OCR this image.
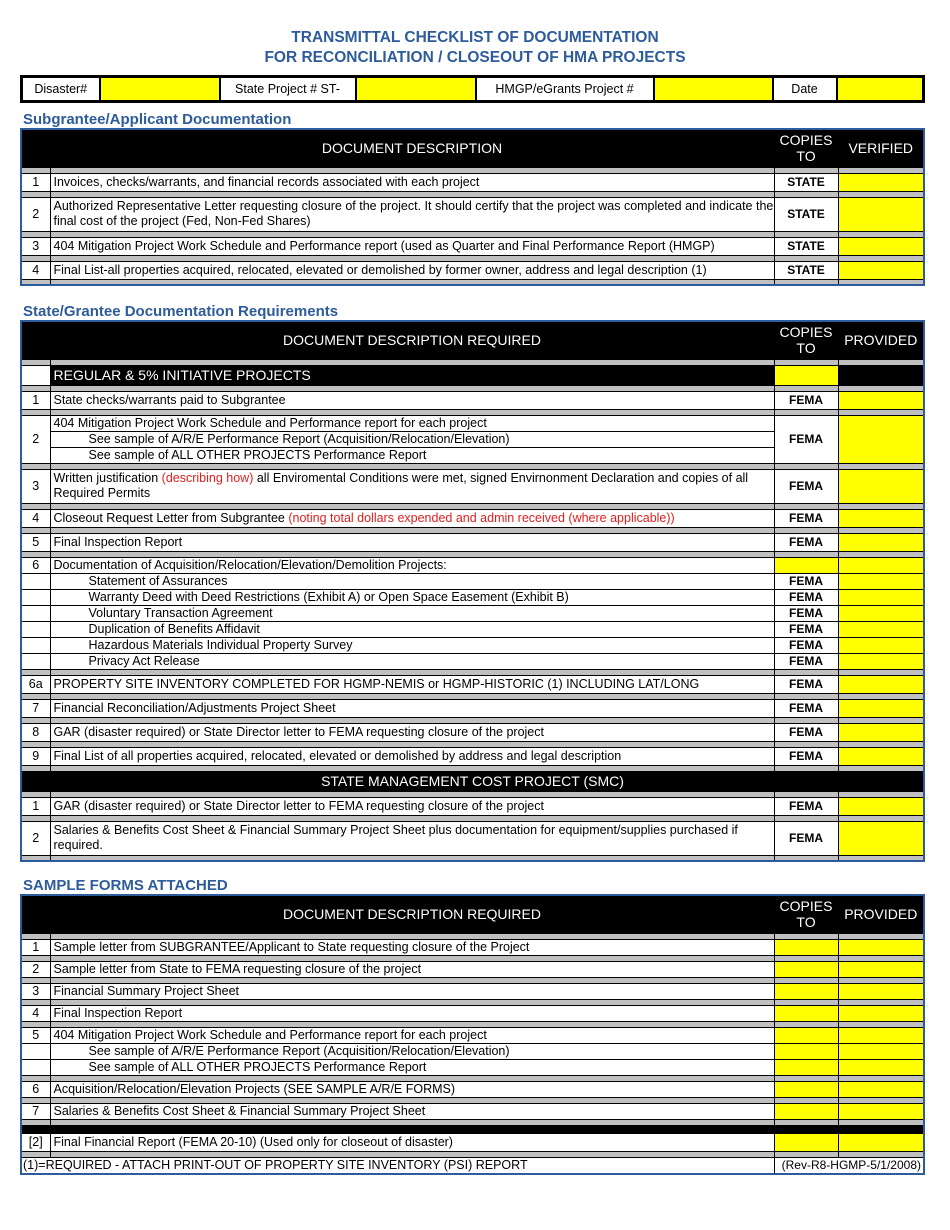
TRANSMITTAL CHECKLIST OF DOCUMENTATION
FOR RECONCILIATION / CLOSEOUT OF HMA PROJECTS
Disaster#		State Project # ST-		HMGP/eGrants Project #		Date	
Subgrantee/Applicant Documentation
	DOCUMENT DESCRIPTION	COPIES TO	VERIFIED

1	Invoices, checks/warrants, and financial records associated with each project	STATE	

2	Authorized Representative Letter requesting closure of the project. It should certify that the project was completed and indicate the final cost of the project (Fed, Non-Fed Shares)	STATE	

3	404 Mitigation Project Work Schedule and Performance report (used as Quarter and Final Performance Report (HMGP)	STATE	

4	Final List-all properties acquired, relocated, elevated or demolished by former owner, address and legal description (1)	STATE	

State/Grantee Documentation Requirements
	DOCUMENT DESCRIPTION REQUIRED	COPIES TO	PROVIDED

	REGULAR & 5% INITIATIVE PROJECTS		

1	State checks/warrants paid to Subgrantee	FEMA	

2	404 Mitigation Project Work Schedule and Performance report for each project	FEMA	
	See sample of A/R/E Performance Report (Acquisition/Relocation/Elevation)		
	See sample of ALL OTHER PROJECTS Performance Report		

3	Written justification (describing how) all Enviromental Conditions were met, signed Envirnonment Declaration and copies of all Required Permits	FEMA	

4	Closeout Request Letter from Subgrantee (noting total dollars expended and admin received (where applicable))	FEMA	

5	Final Inspection Report	FEMA	

6	Documentation of Acquisition/Relocation/Elevation/Demolition Projects:		
	Statement of Assurances	FEMA	
	Warranty Deed with Deed Restrictions (Exhibit A) or Open Space Easement (Exhibit B)	FEMA	
	Voluntary Transaction Agreement	FEMA	
	Duplication of Benefits Affidavit	FEMA	
	Hazardous Materials Individual Property Survey	FEMA	
	Privacy Act Release	FEMA	

6a	PROPERTY SITE INVENTORY COMPLETED FOR HGMP-NEMIS or HGMP-HISTORIC (1) INCLUDING LAT/LONG	FEMA	

7	Financial Reconciliation/Adjustments Project Sheet	FEMA	

8	GAR (disaster required) or State Director letter to FEMA requesting closure of the project	FEMA	

9	Final List of all properties acquired, relocated, elevated or demolished by address and legal description	FEMA	

STATE MANAGEMENT COST PROJECT (SMC)			

1	GAR (disaster required) or State Director letter to FEMA requesting closure of the project	FEMA	

2	Salaries & Benefits Cost Sheet & Financial Summary Project Sheet plus documentation for equipment/supplies purchased if required.	FEMA	

SAMPLE FORMS ATTACHED
	DOCUMENT DESCRIPTION REQUIRED	COPIES TO	PROVIDED

1	Sample letter from SUBGRANTEE/Applicant to State requesting closure of the Project		

2	Sample letter from State to FEMA requesting closure of the project		

3	Financial Summary Project Sheet		

4	Final Inspection Report		

5	404 Mitigation Project Work Schedule and Performance report for each project		
	See sample of A/R/E Performance Report (Acquisition/Relocation/Elevation)		
	See sample of ALL OTHER PROJECTS Performance Report		

6	Acquisition/Relocation/Elevation Projects (SEE SAMPLE A/R/E FORMS)		

7	Salaries & Benefits Cost Sheet & Financial Summary Project Sheet		

[2]	Final Financial Report (FEMA 20-10) (Used only for closeout of disaster)		

(1)=REQUIRED - ATTACH PRINT-OUT OF PROPERTY SITE INVENTORY (PSI) REPORT		(Rev-R8-HGMP-5/1/2008)	
